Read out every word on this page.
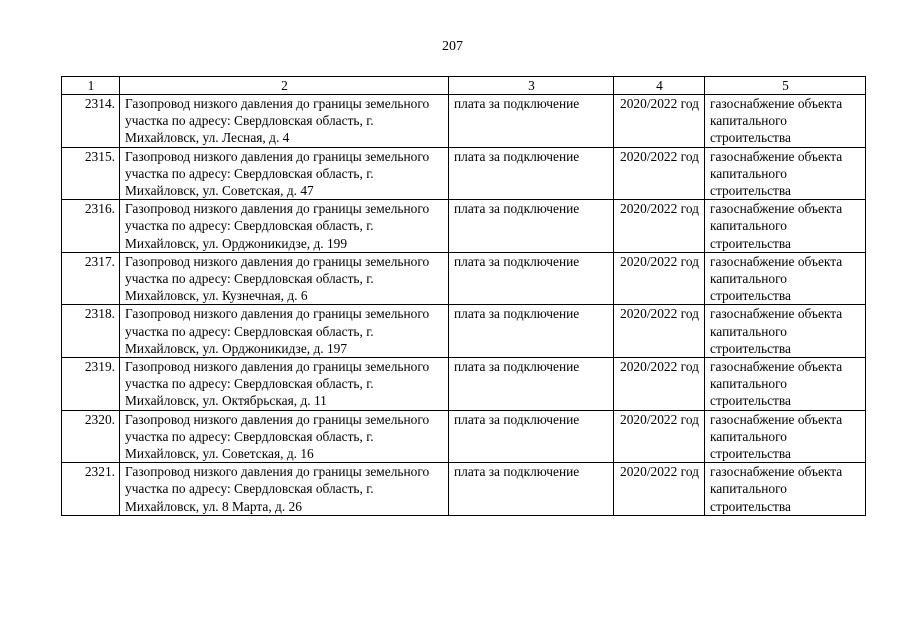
207
1	2	3	4	5
2314.	Газопровод низкого давления до границы земельного участка по адресу: Свердловская область, г. Михайловск, ул. Лесная, д. 4	плата за подключение	2020/2022 год	газоснабжение объекта капитального строительства
2315.	Газопровод низкого давления до границы земельного участка по адресу: Свердловская область, г. Михайловск, ул. Советская, д. 47	плата за подключение	2020/2022 год	газоснабжение объекта капитального строительства
2316.	Газопровод низкого давления до границы земельного участка по адресу: Свердловская область, г. Михайловск, ул. Орджоникидзе, д. 199	плата за подключение	2020/2022 год	газоснабжение объекта капитального строительства
2317.	Газопровод низкого давления до границы земельного участка по адресу: Свердловская область, г. Михайловск, ул. Кузнечная, д. 6	плата за подключение	2020/2022 год	газоснабжение объекта капитального строительства
2318.	Газопровод низкого давления до границы земельного участка по адресу: Свердловская область, г. Михайловск, ул. Орджоникидзе, д. 197	плата за подключение	2020/2022 год	газоснабжение объекта капитального строительства
2319.	Газопровод низкого давления до границы земельного участка по адресу: Свердловская область, г. Михайловск, ул. Октябрьская, д. 11	плата за подключение	2020/2022 год	газоснабжение объекта капитального строительства
2320.	Газопровод низкого давления до границы земельного участка по адресу: Свердловская область, г. Михайловск, ул. Советская, д. 16	плата за подключение	2020/2022 год	газоснабжение объекта капитального строительства
2321.	Газопровод низкого давления до границы земельного участка по адресу: Свердловская область, г. Михайловск, ул. 8 Марта, д. 26	плата за подключение	2020/2022 год	газоснабжение объекта капитального строительства
